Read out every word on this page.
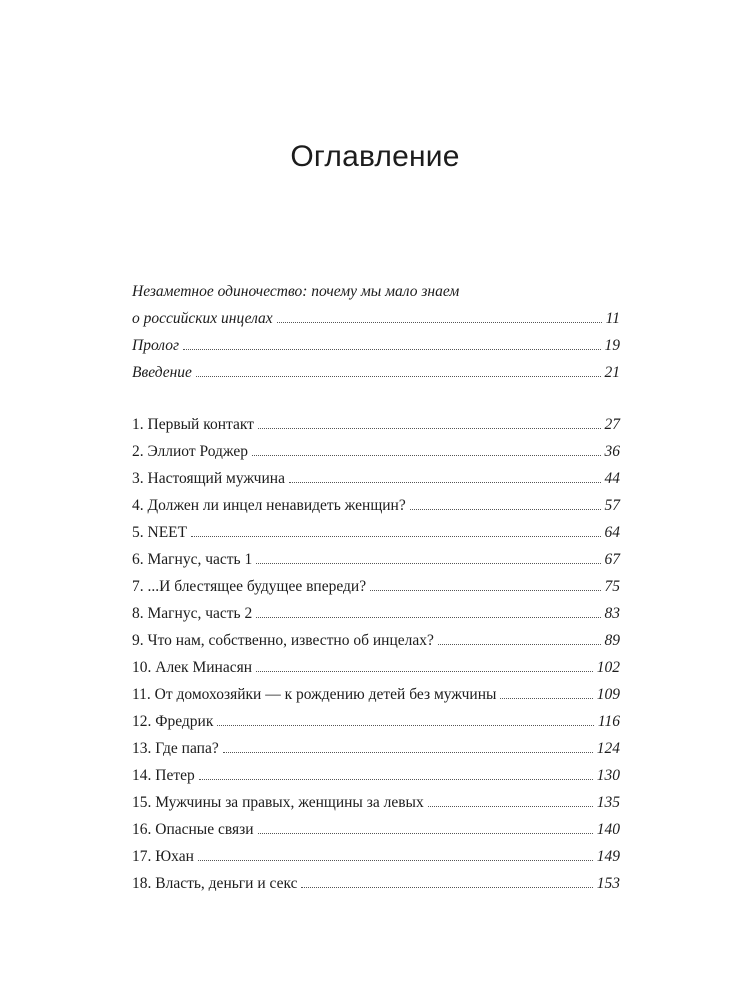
Оглавление
Незаметное одиночество: почему мы мало знаем
о российских инцелах	11
Пролог	19
Введение	21
1. Первый контакт	27
2. Эллиот Роджер	36
3. Настоящий мужчина	44
4. Должен ли инцел ненавидеть женщин?	57
5. NEET	64
6. Магнус, часть 1	67
7. ...И блестящее будущее впереди?	75
8. Магнус, часть 2	83
9. Что нам, собственно, известно об инцелах?	89
10. Алек Минасян	102
11. От домохозяйки — к рождению детей без мужчины	109
12. Фредрик	116
13. Где папа?	124
14. Петер	130
15. Мужчины за правых, женщины за левых	135
16. Опасные связи	140
17. Юхан	149
18. Власть, деньги и секс	153
